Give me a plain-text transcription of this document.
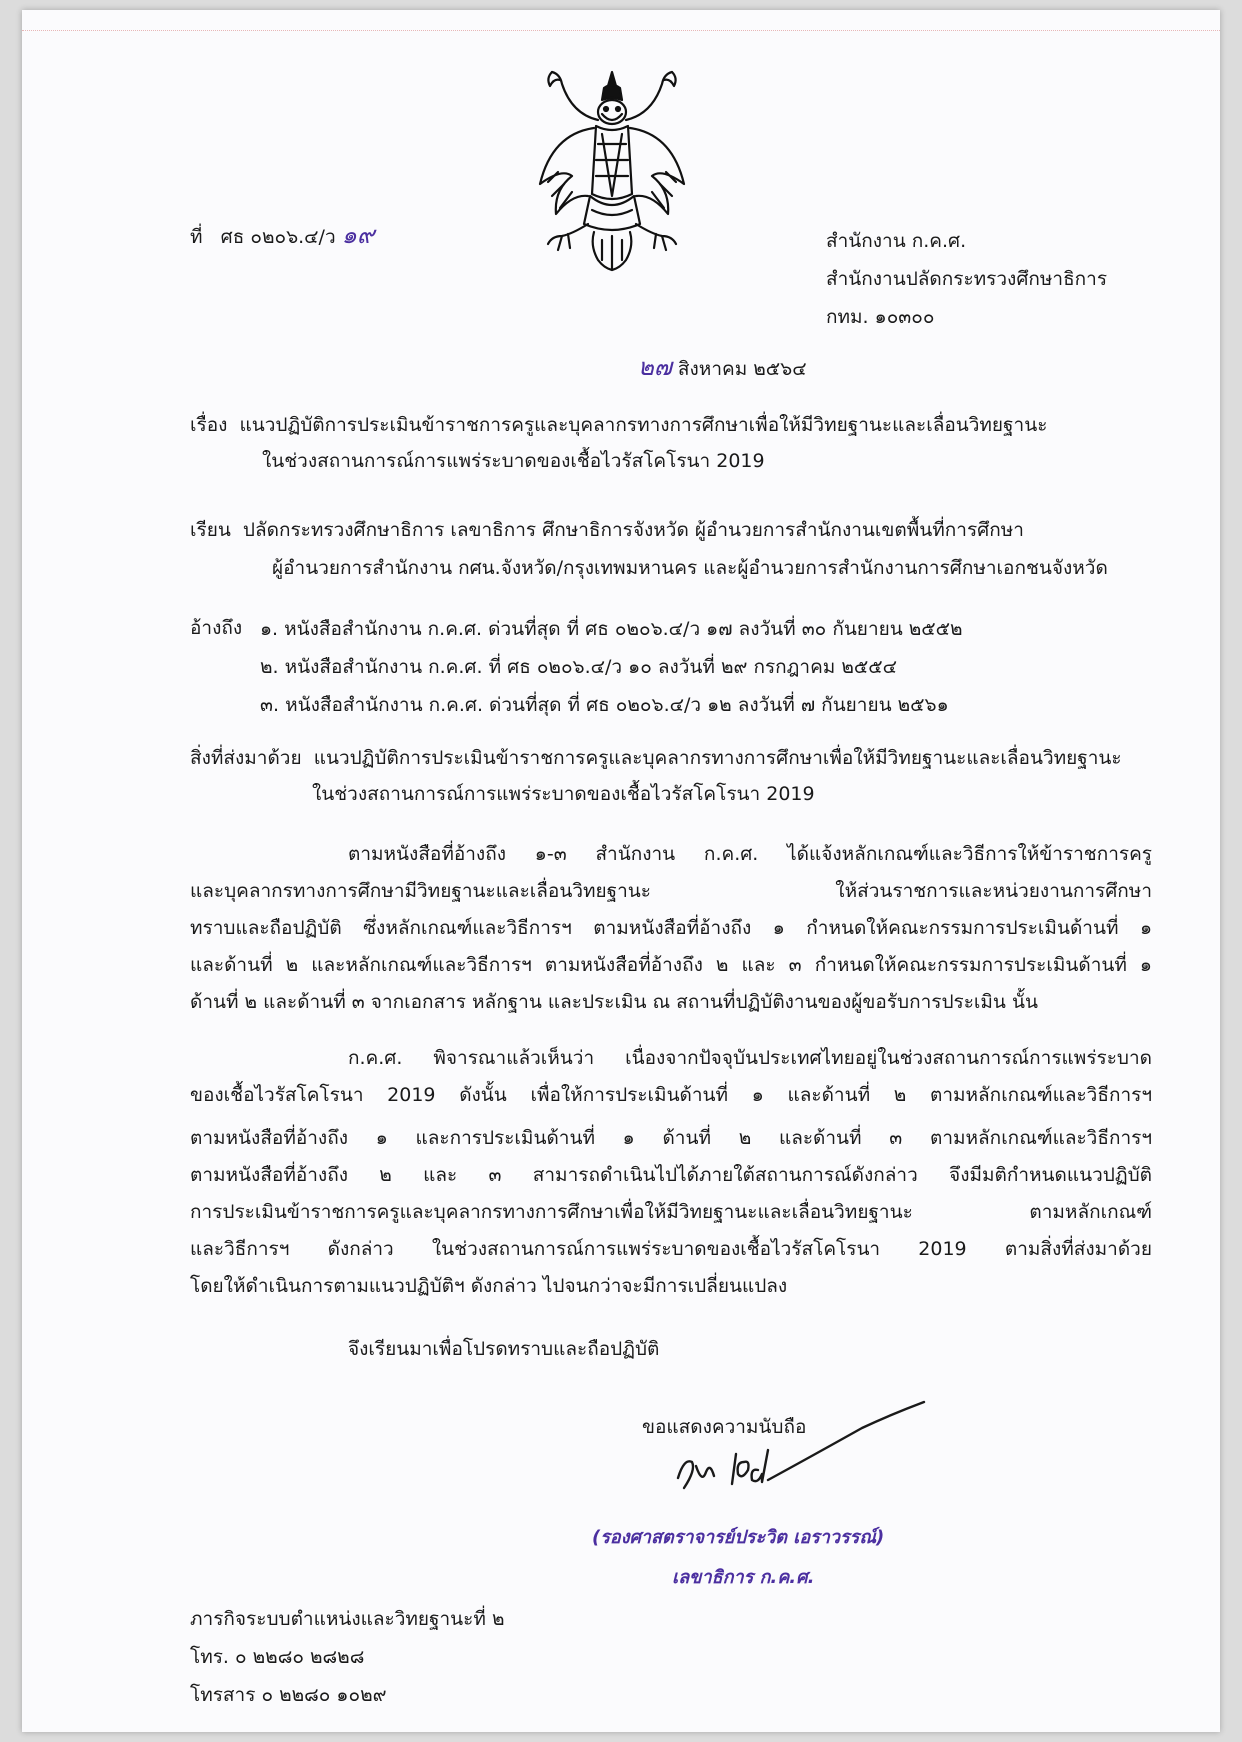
ที่ ศธ ๐๒๐๖.๔/ว ๑๙	สำนักงาน ก.ค.ศ.
สำนักงานปลัดกระทรวงศึกษาธิการ
กทม. ๑๐๓๐๐
๒๗ สิงหาคม ๒๕๖๔
เรื่อง แนวปฏิบัติการประเมินข้าราชการครูและบุคลากรทางการศึกษาเพื่อให้มีวิทยฐานะและเลื่อนวิทยฐานะ
ในช่วงสถานการณ์การแพร่ระบาดของเชื้อไวรัสโคโรนา 2019
เรียน ปลัดกระทรวงศึกษาธิการ เลขาธิการ ศึกษาธิการจังหวัด ผู้อำนวยการสำนักงานเขตพื้นที่การศึกษา
ผู้อำนวยการสำนักงาน กศน.จังหวัด/กรุงเทพมหานคร และผู้อำนวยการสำนักงานการศึกษาเอกชนจังหวัด
อ้างถึง ๑. หนังสือสำนักงาน ก.ค.ศ. ด่วนที่สุด ที่ ศธ ๐๒๐๖.๔/ว ๑๗ ลงวันที่ ๓๐ กันยายน ๒๕๕๒
๒. หนังสือสำนักงาน ก.ค.ศ. ที่ ศธ ๐๒๐๖.๔/ว ๑๐ ลงวันที่ ๒๙ กรกฎาคม ๒๕๕๔
๓. หนังสือสำนักงาน ก.ค.ศ. ด่วนที่สุด ที่ ศธ ๐๒๐๖.๔/ว ๑๒ ลงวันที่ ๗ กันยายน ๒๕๖๑
สิ่งที่ส่งมาด้วย แนวปฏิบัติการประเมินข้าราชการครูและบุคลากรทางการศึกษาเพื่อให้มีวิทยฐานะและเลื่อนวิทยฐานะ
ในช่วงสถานการณ์การแพร่ระบาดของเชื้อไวรัสโคโรนา 2019
ตามหนังสือที่อ้างถึง ๑-๓ สำนักงาน ก.ค.ศ. ได้แจ้งหลักเกณฑ์และวิธีการให้ข้าราชการครู
และบุคลากรทางการศึกษามีวิทยฐานะและเลื่อนวิทยฐานะ ให้ส่วนราชการและหน่วยงานการศึกษา
ทราบและถือปฏิบัติ ซึ่งหลักเกณฑ์และวิธีการฯ ตามหนังสือที่อ้างถึง ๑ กำหนดให้คณะกรรมการประเมินด้านที่ ๑
และด้านที่ ๒ และหลักเกณฑ์และวิธีการฯ ตามหนังสือที่อ้างถึง ๒ และ ๓ กำหนดให้คณะกรรมการประเมินด้านที่ ๑
ด้านที่ ๒ และด้านที่ ๓ จากเอกสาร หลักฐาน และประเมิน ณ สถานที่ปฏิบัติงานของผู้ขอรับการประเมิน นั้น
ก.ค.ศ. พิจารณาแล้วเห็นว่า เนื่องจากปัจจุบันประเทศไทยอยู่ในช่วงสถานการณ์การแพร่ระบาด
ของเชื้อไวรัสโคโรนา 2019 ดังนั้น เพื่อให้การประเมินด้านที่ ๑ และด้านที่ ๒ ตามหลักเกณฑ์และวิธีการฯ
ตามหนังสือที่อ้างถึง ๑ และการประเมินด้านที่ ๑ ด้านที่ ๒ และด้านที่ ๓ ตามหลักเกณฑ์และวิธีการฯ
ตามหนังสือที่อ้างถึง ๒ และ ๓ สามารถดำเนินไปได้ภายใต้สถานการณ์ดังกล่าว จึงมีมติกำหนดแนวปฏิบัติ
การประเมินข้าราชการครูและบุคลากรทางการศึกษาเพื่อให้มีวิทยฐานะและเลื่อนวิทยฐานะ ตามหลักเกณฑ์
และวิธีการฯ ดังกล่าว ในช่วงสถานการณ์การแพร่ระบาดของเชื้อไวรัสโคโรนา 2019 ตามสิ่งที่ส่งมาด้วย
โดยให้ดำเนินการตามแนวปฏิบัติฯ ดังกล่าว ไปจนกว่าจะมีการเปลี่ยนแปลง
จึงเรียนมาเพื่อโปรดทราบและถือปฏิบัติ
ขอแสดงความนับถือ
(รองศาสตราจารย์ประวิต เอราวรรณ์)
เลขาธิการ ก.ค.ศ.
ภารกิจระบบตำแหน่งและวิทยฐานะที่ ๒
โทร. ๐ ๒๒๘๐ ๒๘๒๘
โทรสาร ๐ ๒๒๘๐ ๑๐๒๙
